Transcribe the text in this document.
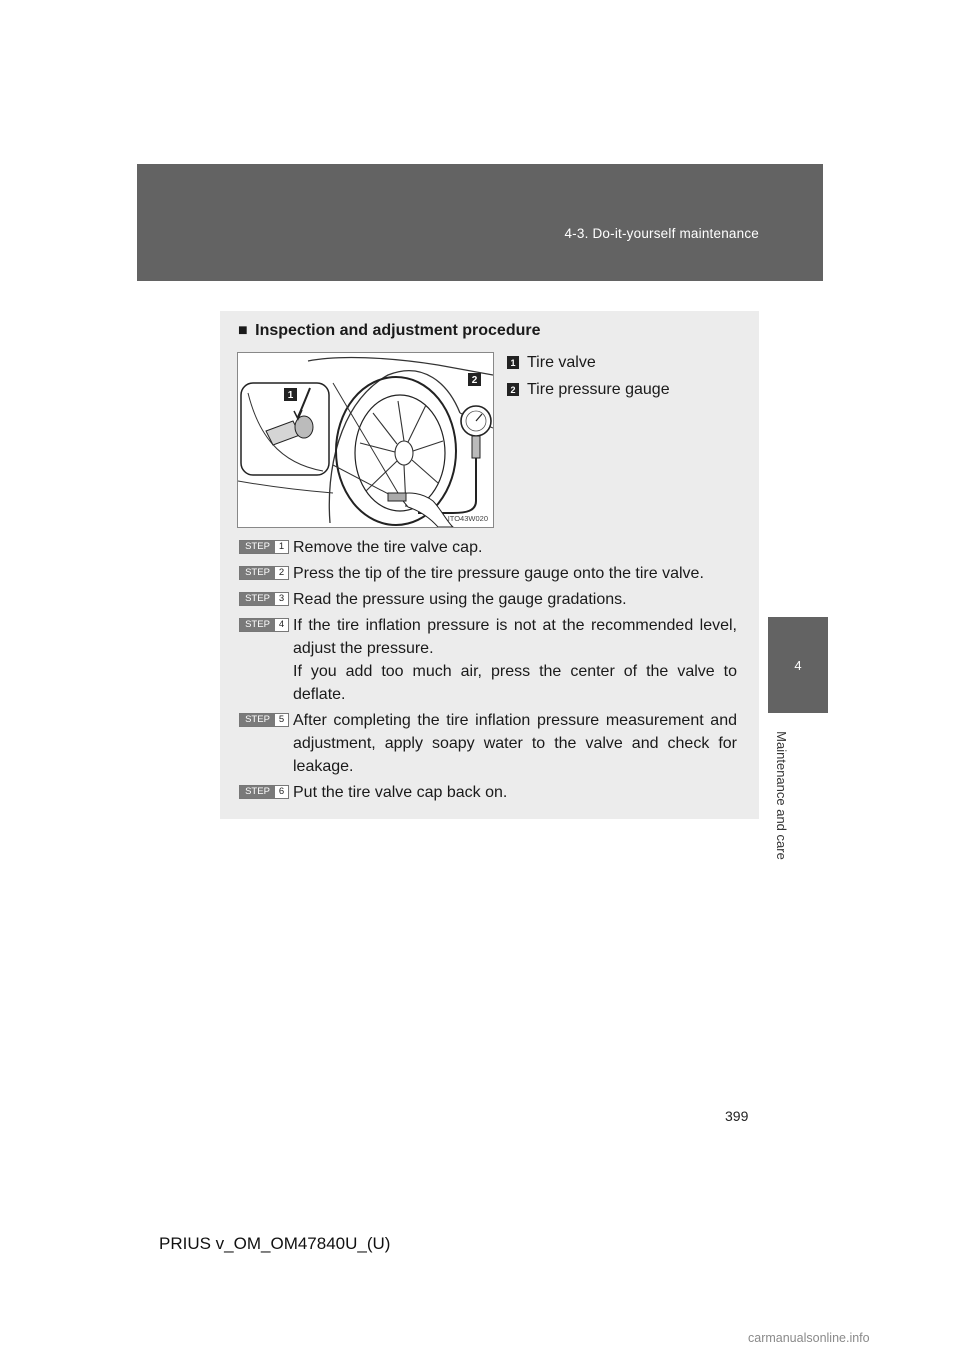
4-3. Do-it-yourself maintenance
4
Maintenance and care
■ Inspection and adjustment procedure
1
2
ITO43W020
1 Tire valve
2 Tire pressure gauge
STEP 1 Remove the tire valve cap.

STEP 2 Press the tip of the tire pressure gauge onto the tire valve.

STEP 3 Read the pressure using the gauge gradations.

STEP 4 If the tire inflation pressure is not at the recommended level, adjust the pressure.

If you add too much air, press the center of the valve to deflate.

STEP 5 After completing the tire inflation pressure measurement and adjustment, apply soapy water to the valve and check for leakage.

STEP 6 Put the tire valve cap back on.

399
PRIUS v_OM_OM47840U_(U)
carmanualsonline.info
